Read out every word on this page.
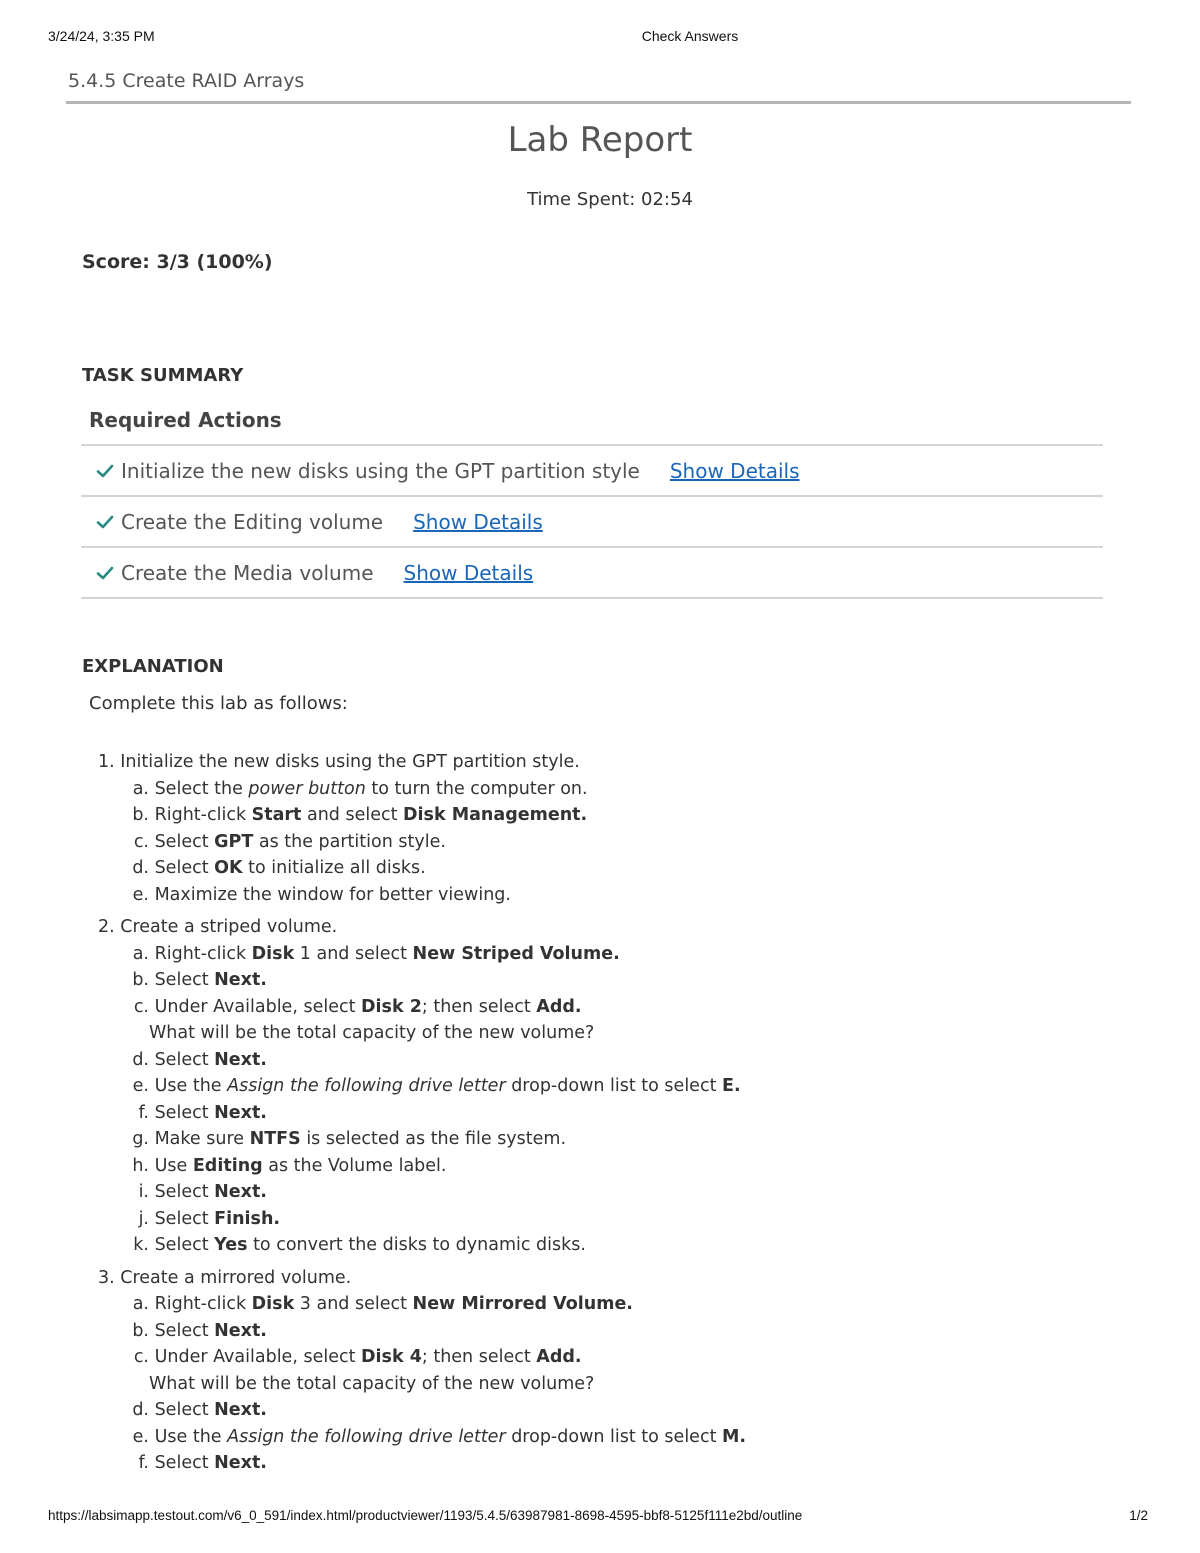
3/24/24, 3:35 PM	Check Answers
5.4.5 Create RAID Arrays
Lab Report
Time Spent: 02:54
Score: 3/3 (100%)
TASK SUMMARY
Required Actions
Initialize the new disks using the GPT partition style Show Details
Create the Editing volume Show Details
Create the Media volume Show Details
EXPLANATION
Complete this lab as follows:
1. Initialize the new disks using the GPT partition style.
a. Select the power button to turn the computer on.
b. Right-click Start and select Disk Management.
c. Select GPT as the partition style.
d. Select OK to initialize all disks.
e. Maximize the window for better viewing.
2. Create a striped volume.
a. Right-click Disk 1 and select New Striped Volume.
b. Select Next.
c. Under Available, select Disk 2; then select Add.
What will be the total capacity of the new volume?
d. Select Next.
e. Use the Assign the following drive letter drop-down list to select E.
f. Select Next.
g. Make sure NTFS is selected as the file system.
h. Use Editing as the Volume label.
i. Select Next.
j. Select Finish.
k. Select Yes to convert the disks to dynamic disks.
3. Create a mirrored volume.
a. Right-click Disk 3 and select New Mirrored Volume.
b. Select Next.
c. Under Available, select Disk 4; then select Add.
What will be the total capacity of the new volume?
d. Select Next.
e. Use the Assign the following drive letter drop-down list to select M.
f. Select Next.
https://labsimapp.testout.com/v6_0_591/index.html/productviewer/1193/5.4.5/63987981-8698-4595-bbf8-5125f111e2bd/outline	1/2
